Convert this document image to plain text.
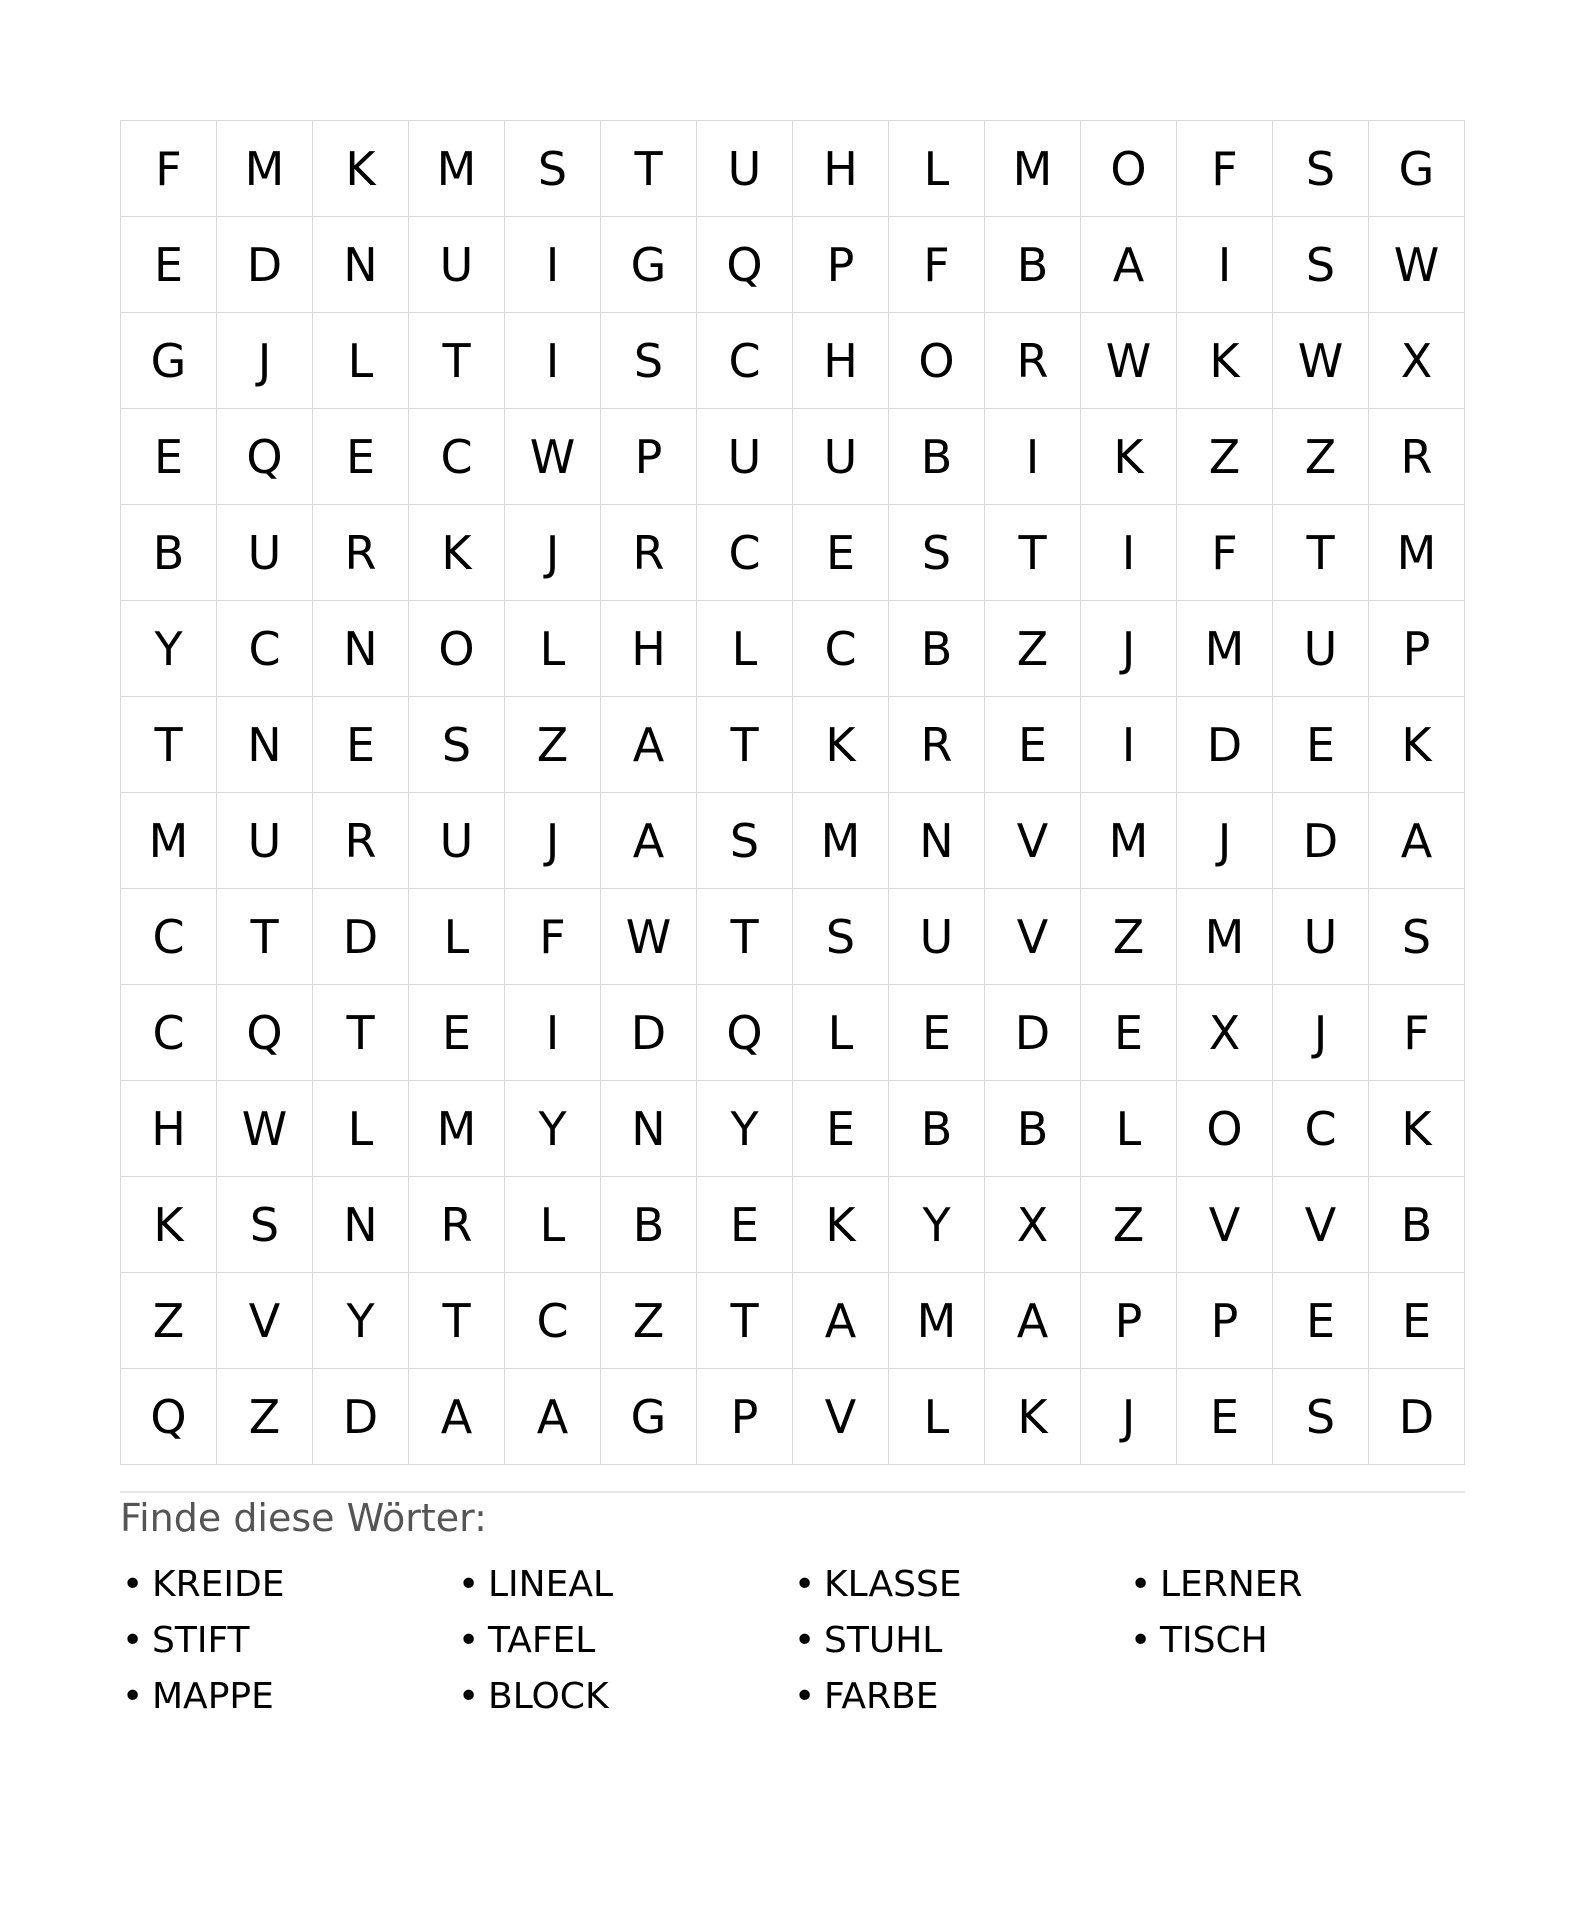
F	M	K	M	S	T	U	H	L	M	O	F	S	G
E	D	N	U	I	G	Q	P	F	B	A	I	S	W
G	J	L	T	I	S	C	H	O	R	W	K	W	X
E	Q	E	C	W	P	U	U	B	I	K	Z	Z	R
B	U	R	K	J	R	C	E	S	T	I	F	T	M
Y	C	N	O	L	H	L	C	B	Z	J	M	U	P
T	N	E	S	Z	A	T	K	R	E	I	D	E	K
M	U	R	U	J	A	S	M	N	V	M	J	D	A
C	T	D	L	F	W	T	S	U	V	Z	M	U	S
C	Q	T	E	I	D	Q	L	E	D	E	X	J	F
H	W	L	M	Y	N	Y	E	B	B	L	O	C	K
K	S	N	R	L	B	E	K	Y	X	Z	V	V	B
Z	V	Y	T	C	Z	T	A	M	A	P	P	E	E
Q	Z	D	A	A	G	P	V	L	K	J	E	S	D
Finde diese Wörter:
• KREIDE	• LINEAL	• KLASSE	• LERNER
• STIFT	• TAFEL	• STUHL	• TISCH
• MAPPE	• BLOCK	• FARBE
